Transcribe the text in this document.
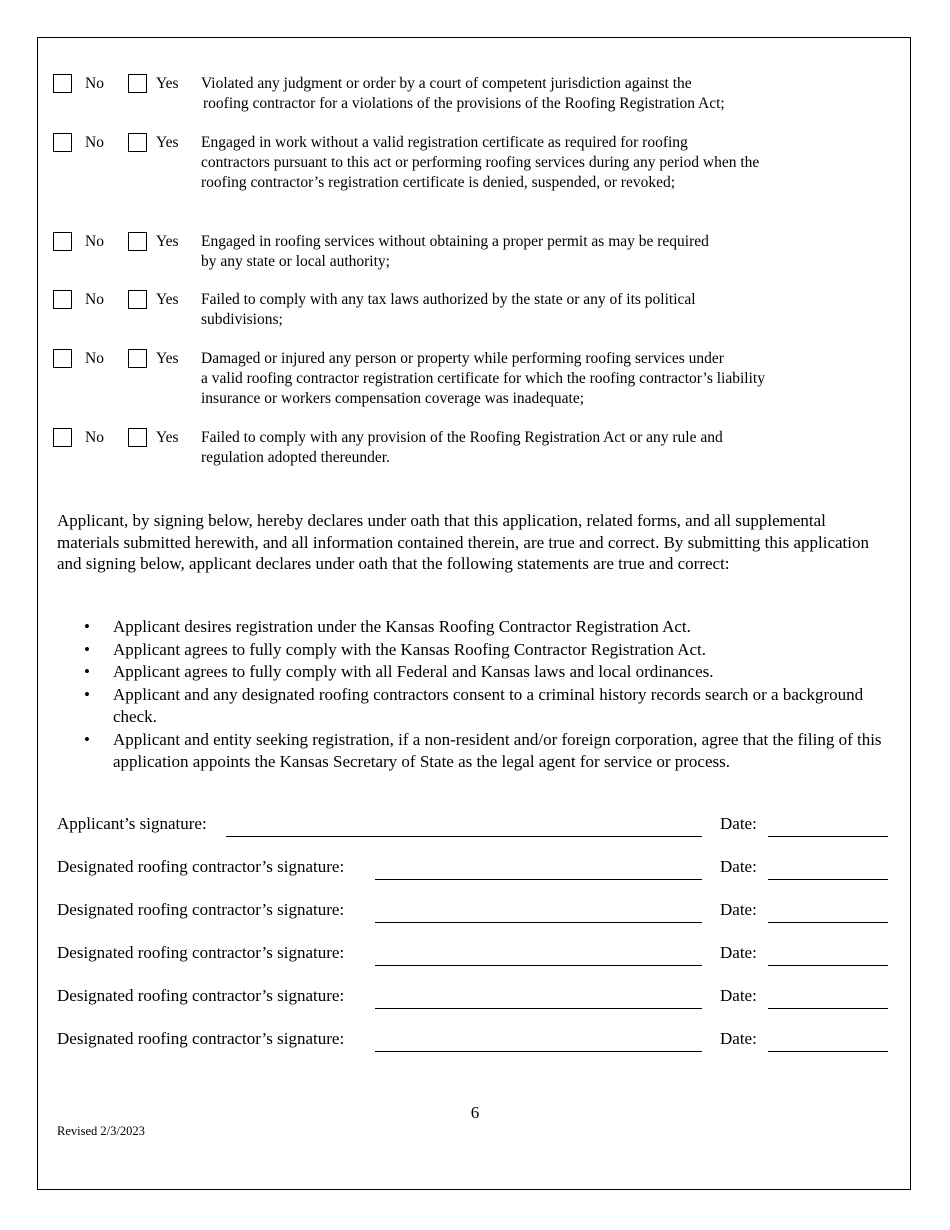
No	Yes Violated any judgment or order by a court of competent jurisdiction against the
roofing contractor for a violations of the provisions of the Roofing Registration Act;
No	Yes Engaged in work without a valid registration certificate as required for roofing
contractors pursuant to this act or performing roofing services during any period when the roofing contractor’s registration certificate is denied, suspended, or revoked;
No	Yes Engaged in roofing services without obtaining a proper permit as may be required
by any state or local authority;
No	Yes Failed to comply with any tax laws authorized by the state or any of its political
subdivisions;
No	Yes Damaged or injured any person or property while performing roofing services under
a valid roofing contractor registration certificate for which the roofing contractor’s liability insurance or workers compensation coverage was inadequate;
No	Yes Failed to comply with any provision of the Roofing Registration Act or any rule and
regulation adopted thereunder.
Applicant, by signing below, hereby declares under oath that this application, related forms, and all supplemental materials submitted herewith, and all information contained therein, are true and correct. By submitting this application and signing below, applicant declares under oath that the following statements are true and correct:
• Applicant desires registration under the Kansas Roofing Contractor Registration Act.
• Applicant agrees to fully comply with the Kansas Roofing Contractor Registration Act.
• Applicant agrees to fully comply with all Federal and Kansas laws and local ordinances.
• Applicant and any designated roofing contractors consent to a criminal history records search or a background check.
• Applicant and entity seeking registration, if a non-resident and/or foreign corporation, agree that the filing of this application appoints the Kansas Secretary of State as the legal agent for service or process.
Applicant’s signature:	Date:
Designated roofing contractor’s signature:	Date:
Designated roofing contractor’s signature:	Date:
Designated roofing contractor’s signature:	Date:
Designated roofing contractor’s signature:	Date:
Designated roofing contractor’s signature:	Date:
6
Revised 2/3/2023
